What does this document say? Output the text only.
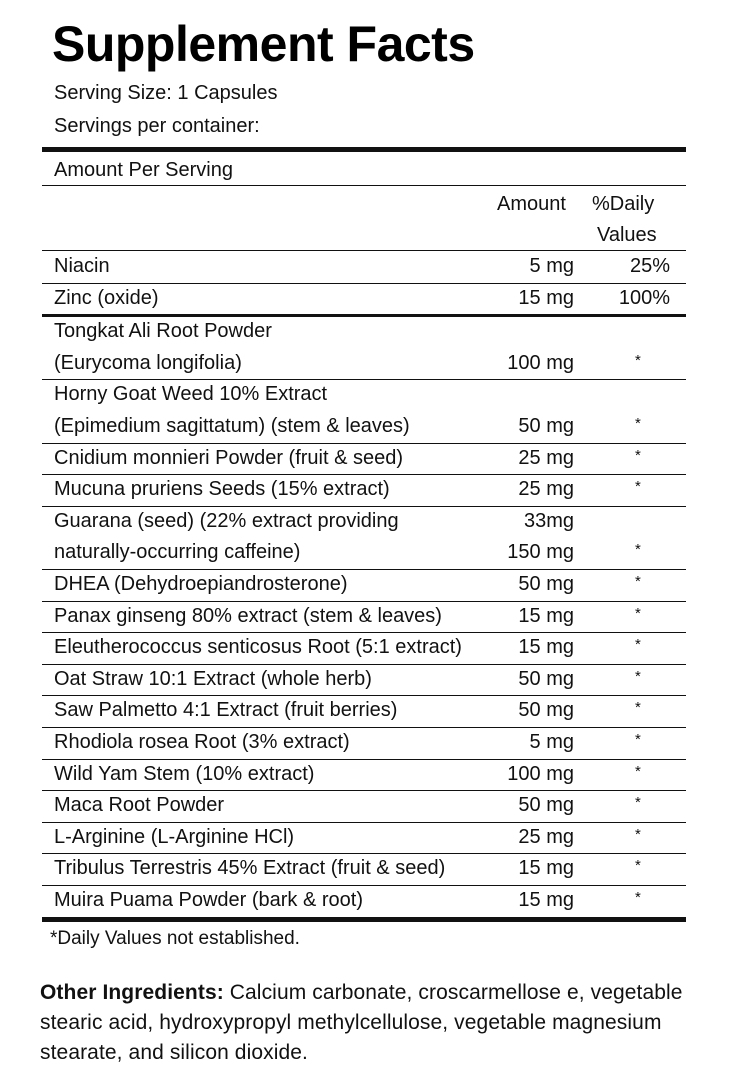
Supplement Facts
Serving Size: 1 Capsules
Servings per container:
Amount Per Serving
Amount %Daily
Values
Niacin	5 mg	25%
Zinc (oxide)	15 mg 100%
Tongkat Ali Root Powder
(Eurycoma longifolia)	100 mg	*
Horny Goat Weed 10% Extract
(Epimedium sagittatum) (stem & leaves)	50 mg	*
Cnidium monnieri Powder (fruit & seed)	25 mg	*
Mucuna pruriens Seeds (15% extract)	25 mg	*
Guarana (seed) (22% extract providing	33mg
naturally-occurring caffeine)	150 mg	*
DHEA (Dehydroepiandrosterone)	50 mg	*
Panax ginseng 80% extract (stem & leaves)	15 mg	*
Eleutherococcus senticosus Root (5:1 extract)	15 mg	*
Oat Straw 10:1 Extract (whole herb)	50 mg	*
Saw Palmetto 4:1 Extract (fruit berries)	50 mg	*
Rhodiola rosea Root (3% extract)	5 mg	*
Wild Yam Stem (10% extract)	100 mg	*
Maca Root Powder	50 mg	*
L-Arginine (L-Arginine HCl)	25 mg	*
Tribulus Terrestris 45% Extract (fruit & seed)	15 mg	*
Muira Puama Powder (bark & root)	15 mg	*
*Daily Values not established.
Other Ingredients: Calcium carbonate, croscarmellose e, vegetable stearic acid, hydroxypropyl methylcellulose, vegetable magnesium stearate, and silicon dioxide.
